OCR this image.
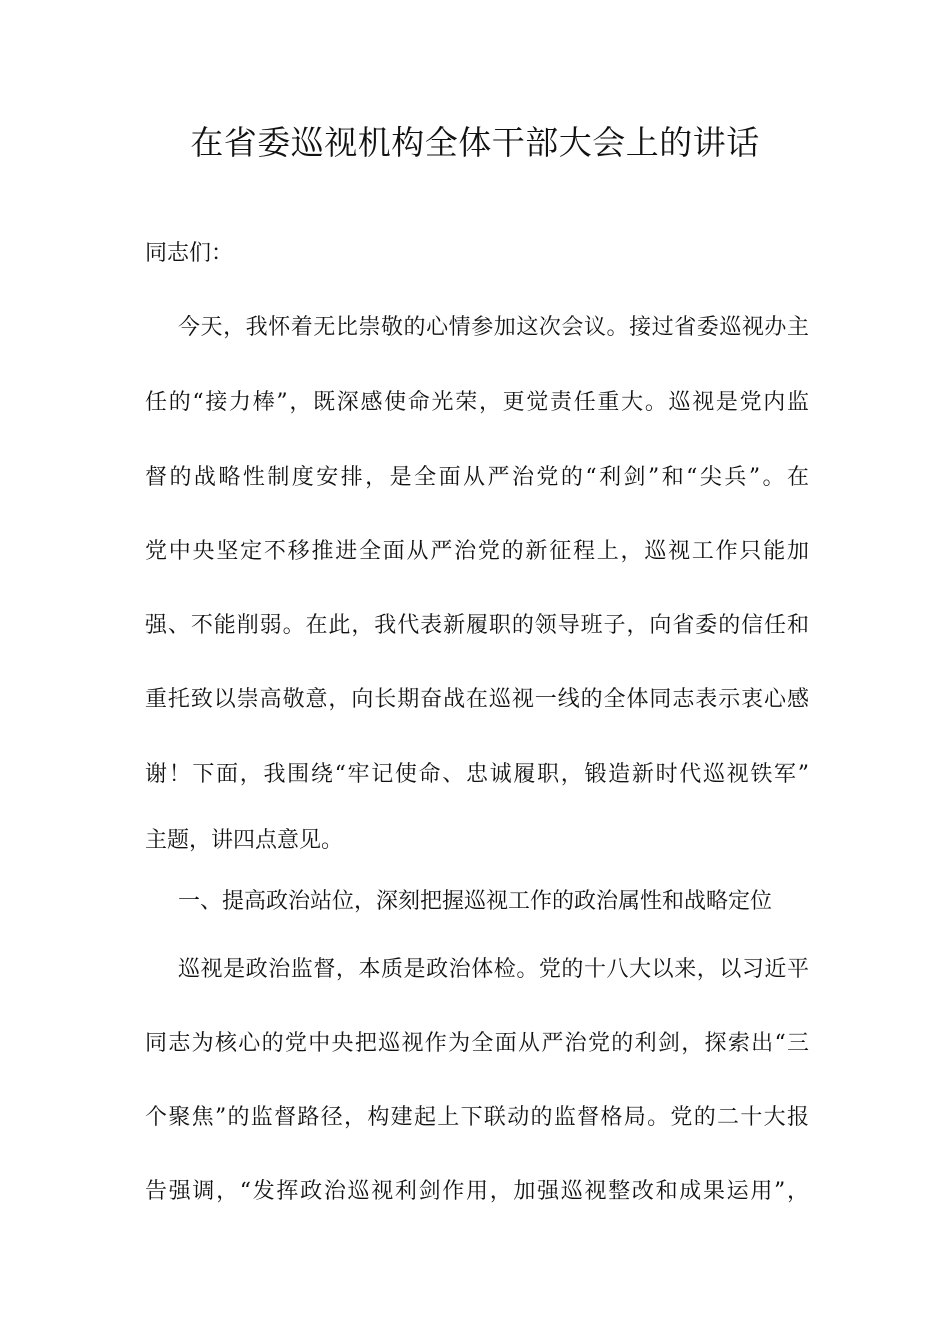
在省委巡视机构全体干部大会上的讲话
同志们：
今天，我怀着无比崇敬的心情参加这次会议。接过省委巡视办主
任的“接力棒”，既深感使命光荣，更觉责任重大。巡视是党内监
督的战略性制度安排，是全面从严治党的“利剑”和“尖兵”。在
党中央坚定不移推进全面从严治党的新征程上，巡视工作只能加
强、不能削弱。在此，我代表新履职的领导班子，向省委的信任和
重托致以崇高敬意，向长期奋战在巡视一线的全体同志表示衷心感
谢！下面，我围绕“牢记使命、忠诚履职，锻造新时代巡视铁军”
主题，讲四点意见。
一、提高政治站位，深刻把握巡视工作的政治属性和战略定位
巡视是政治监督，本质是政治体检。党的十八大以来，以习近平
同志为核心的党中央把巡视作为全面从严治党的利剑，探索出“三
个聚焦”的监督路径，构建起上下联动的监督格局。党的二十大报
告强调，“发挥政治巡视利剑作用，加强巡视整改和成果运用”，
